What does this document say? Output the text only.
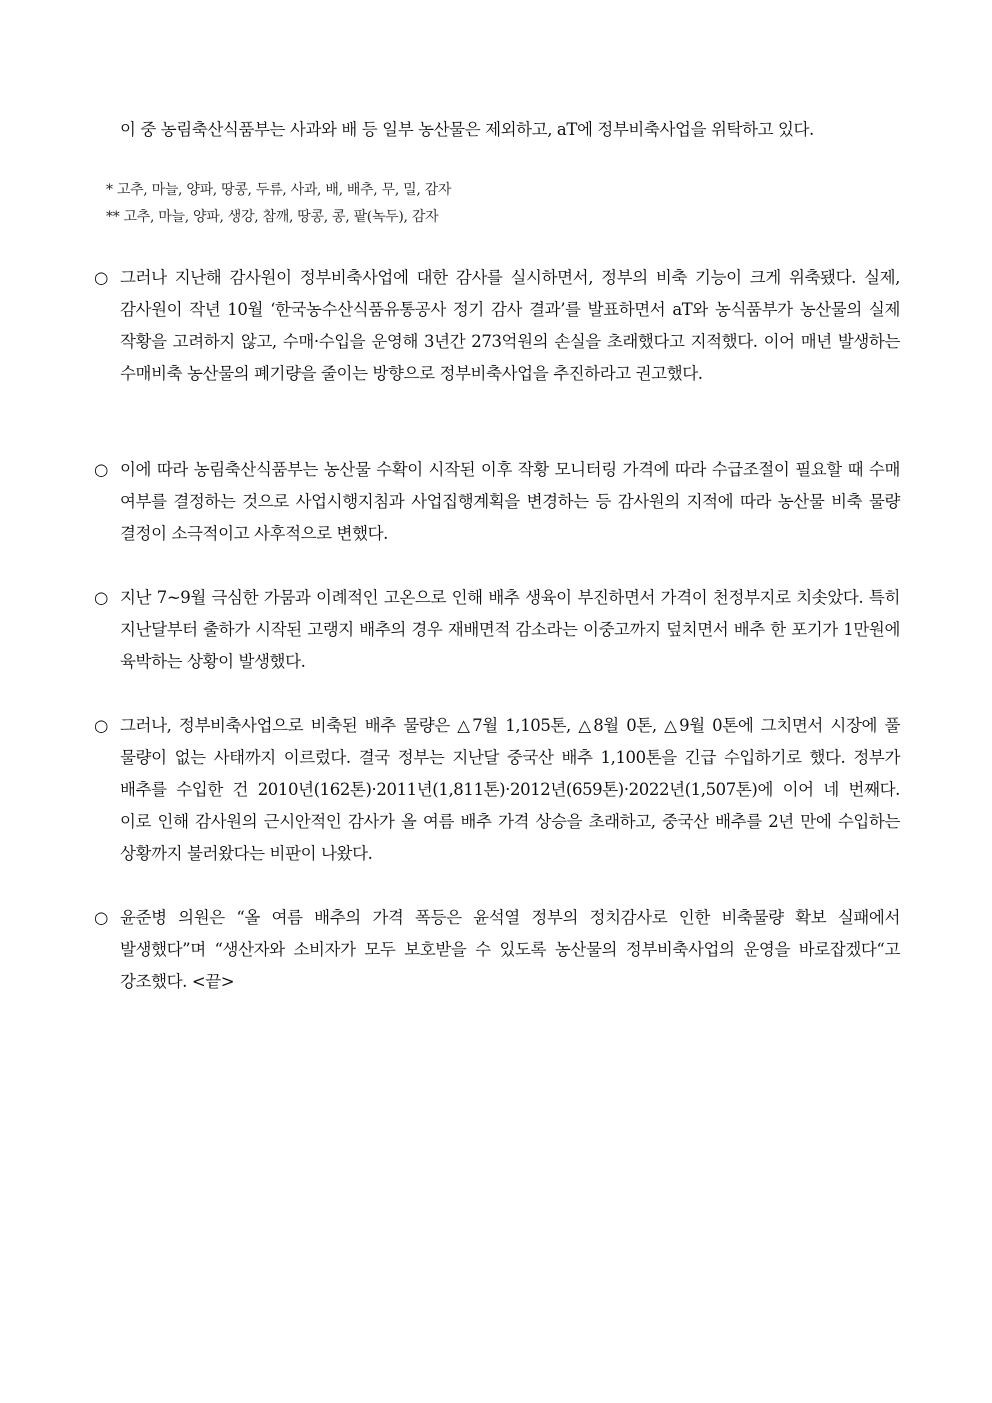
이 중 농림축산식품부는 사과와 배 등 일부 농산물은 제외하고, aT에 정부비축사업을 위탁하고 있다.
* 고추, 마늘, 양파, 땅콩, 두류, 사과, 배, 배추, 무, 밀, 감자
** 고추, 마늘, 양파, 생강, 참깨, 땅콩, 콩, 팥(녹두), 감자
○ 그러나 지난해 감사원이 정부비축사업에 대한 감사를 실시하면서, 정부의 비축 기능이 크게 위축됐다. 실제, 감사원이 작년 10월 ‘한국농수산식품유통공사 정기 감사 결과’를 발표하면서 aT와 농식품부가 농산물의 실제 작황을 고려하지 않고, 수매·수입을 운영해 3년간 273억원의 손실을 초래했다고 지적했다. 이어 매년 발생하는 수매비축 농산물의 폐기량을 줄이는 방향으로 정부비축사업을 추진하라고 권고했다.
○ 이에 따라 농림축산식품부는 농산물 수확이 시작된 이후 작황 모니터링 가격에 따라 수급조절이 필요할 때 수매 여부를 결정하는 것으로 사업시행지침과 사업집행계획을 변경하는 등 감사원의 지적에 따라 농산물 비축 물량 결정이 소극적이고 사후적으로 변했다.
○ 지난 7~9월 극심한 가뭄과 이례적인 고온으로 인해 배추 생육이 부진하면서 가격이 천정부지로 치솟았다. 특히 지난달부터 출하가 시작된 고랭지 배추의 경우 재배면적 감소라는 이중고까지 덮치면서 배추 한 포기가 1만원에 육박하는 상황이 발생했다.
○ 그러나, 정부비축사업으로 비축된 배추 물량은 △7월 1,105톤, △8월 0톤, △9월 0톤에 그치면서 시장에 풀 물량이 없는 사태까지 이르렀다. 결국 정부는 지난달 중국산 배추 1,100톤을 긴급 수입하기로 했다. 정부가 배추를 수입한 건 2010년(162톤)·2011년(1,811톤)·2012년(659톤)·2022년(1,507톤)에 이어 네 번째다. 이로 인해 감사원의 근시안적인 감사가 올 여름 배추 가격 상승을 초래하고, 중국산 배추를 2년 만에 수입하는 상황까지 불러왔다는 비판이 나왔다.
○ 윤준병 의원은 “올 여름 배추의 가격 폭등은 윤석열 정부의 정치감사로 인한 비축물량 확보 실패에서 발생했다”며 “생산자와 소비자가 모두 보호받을 수 있도록 농산물의 정부비축사업의 운영을 바로잡겠다“고 강조했다. <끝>
